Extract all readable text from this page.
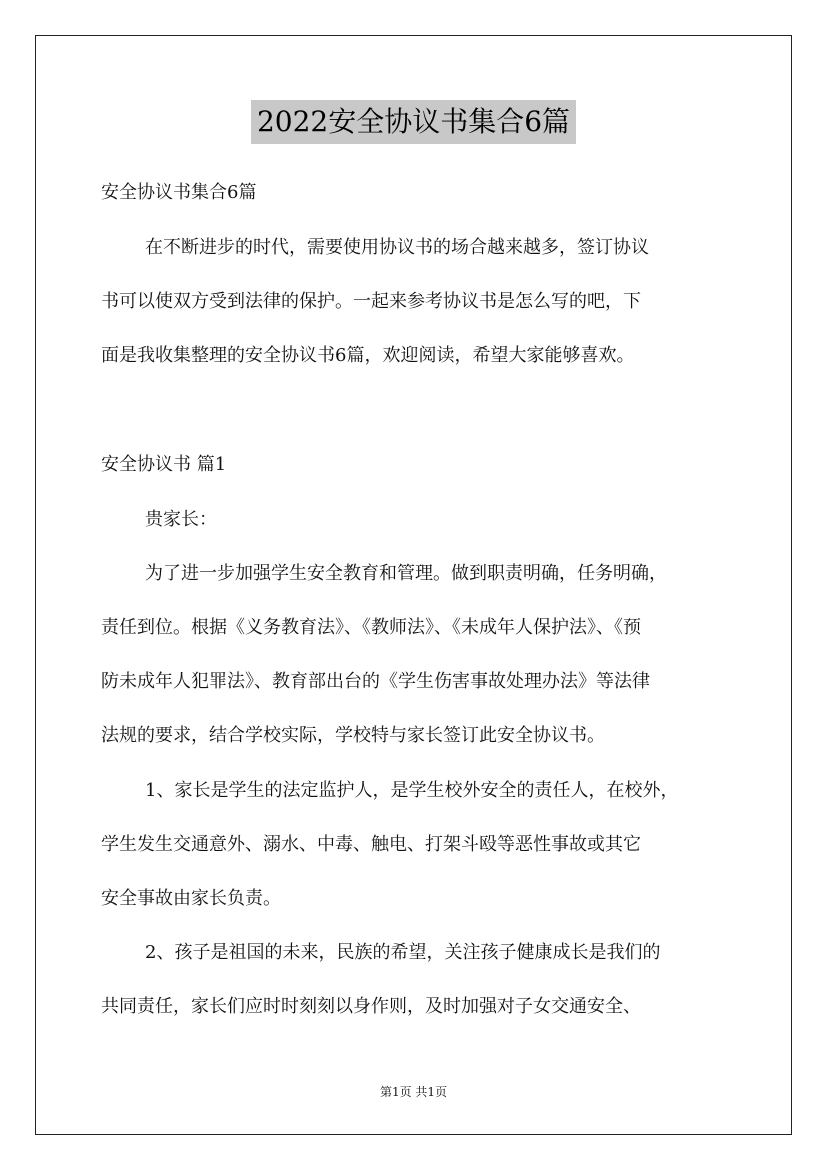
2022安全协议书集合6篇
安全协议书集合6篇
在不断进步的时代，需要使用协议书的场合越来越多，签订协议
书可以使双方受到法律的保护。一起来参考协议书是怎么写的吧，下
面是我收集整理的安全协议书6篇，欢迎阅读，希望大家能够喜欢。
安全协议书 篇1
贵家长：
为了进一步加强学生安全教育和管理。做到职责明确，任务明确，
责任到位。根据《义务教育法》、《教师法》、《未成年人保护法》、《预
防未成年人犯罪法》、教育部出台的《学生伤害事故处理办法》等法律
法规的要求，结合学校实际，学校特与家长签订此安全协议书。
1、家长是学生的法定监护人，是学生校外安全的责任人，在校外，
学生发生交通意外、溺水、中毒、触电、打架斗殴等恶性事故或其它
安全事故由家长负责。
2、孩子是祖国的未来，民族的希望，关注孩子健康成长是我们的
共同责任，家长们应时时刻刻以身作则，及时加强对子女交通安全、
第1页 共1页
